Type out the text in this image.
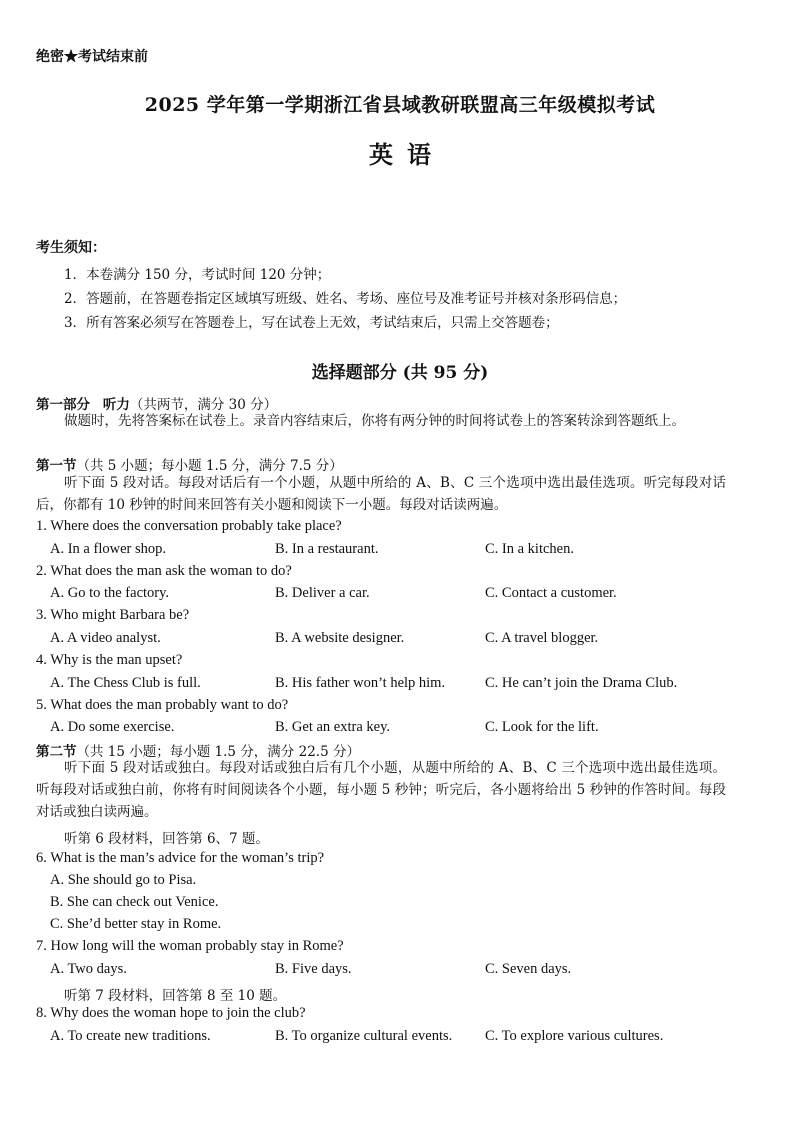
绝密★考试结束前
2025 学年第一学期浙江省县域教研联盟高三年级模拟考试
英语
考生须知：
1．本卷满分 150 分，考试时间 120 分钟；
2．答题前，在答题卷指定区域填写班级、姓名、考场、座位号及准考证号并核对条形码信息；
3．所有答案必须写在答题卷上，写在试卷上无效，考试结束后，只需上交答题卷；
选择题部分 (共 95 分)
第一部分 听力（共两节，满分 30 分）
做题时，先将答案标在试卷上。录音内容结束后，你将有两分钟的时间将试卷上的答案转涂到答题纸上。
第一节（共 5 小题；每小题 1.5 分，满分 7.5 分）
听下面 5 段对话。每段对话后有一个小题，从题中所给的 A、B、C 三个选项中选出最佳选项。听完每段对话后，你都有 10 秒钟的时间来回答有关小题和阅读下一小题。每段对话读两遍。
1. Where does the conversation probably take place?
A. In a flower shop.	B. In a restaurant.	C. In a kitchen.
2. What does the man ask the woman to do?
A. Go to the factory.	B. Deliver a car.	C. Contact a customer.
3. Who might Barbara be?
A. A video analyst.	B. A website designer.	C. A travel blogger.
4. Why is the man upset?
A. The Chess Club is full.	B. His father won’t help him.	C. He can’t join the Drama Club.
5. What does the man probably want to do?
A. Do some exercise.	B. Get an extra key.	C. Look for the lift.
第二节（共 15 小题；每小题 1.5 分，满分 22.5 分）
听下面 5 段对话或独白。每段对话或独白后有几个小题，从题中所给的 A、B、C 三个选项中选出最佳选项。听每段对话或独白前，你将有时间阅读各个小题，每小题 5 秒钟；听完后，各小题将给出 5 秒钟的作答时间。每段对话或独白读两遍。
听第 6 段材料，回答第 6、7 题。
6. What is the man’s advice for the woman’s trip?
A. She should go to Pisa.
B. She can check out Venice.
C. She’d better stay in Rome.
7. How long will the woman probably stay in Rome?
A. Two days.	B. Five days.	C. Seven days.
听第 7 段材料，回答第 8 至 10 题。
8. Why does the woman hope to join the club?
A. To create new traditions.	B. To organize cultural events. C. To explore various cultures.
